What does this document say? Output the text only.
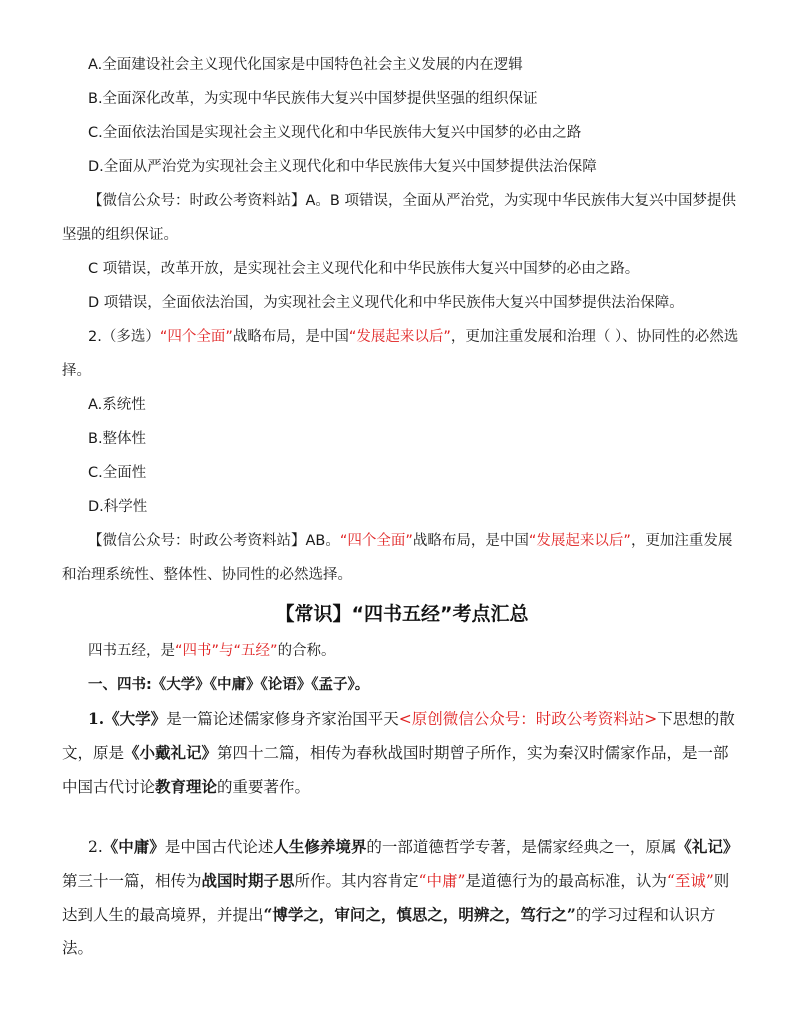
A.全面建设社会主义现代化国家是中国特色社会主义发展的内在逻辑

B.全面深化改革，为实现中华民族伟大复兴中国梦提供坚强的组织保证

C.全面依法治国是实现社会主义现代化和中华民族伟大复兴中国梦的必由之路

D.全面从严治党为实现社会主义现代化和中华民族伟大复兴中国梦提供法治保障

【微信公众号：时政公考资料站】A。B 项错误，全面从严治党，为实现中华民族伟大复兴中国梦提供坚强的组织保证。

C 项错误，改革开放，是实现社会主义现代化和中华民族伟大复兴中国梦的必由之路。

D 项错误，全面依法治国，为实现社会主义现代化和中华民族伟大复兴中国梦提供法治保障。

2.（多选）“四个全面”战略布局，是中国“发展起来以后”，更加注重发展和治理（ ）、协同性的必然选择。

A.系统性

B.整体性

C.全面性

D.科学性

【微信公众号：时政公考资料站】AB。“四个全面”战略布局，是中国“发展起来以后”，更加注重发展和治理系统性、整体性、协同性的必然选择。

【常识】“四书五经”考点汇总

四书五经，是“四书”与“五经”的合称。

一、四书:《大学》《中庸》《论语》《孟子》。

1.《大学》是一篇论述儒家修身齐家治国平天<原创微信公众号：时政公考资料站>下思想的散文，原是《小戴礼记》第四十二篇，相传为春秋战国时期曾子所作，实为秦汉时儒家作品，是一部中国古代讨论教育理论的重要著作。

2.《中庸》是中国古代论述人生修养境界的一部道德哲学专著，是儒家经典之一，原属《礼记》第三十一篇，相传为战国时期子思所作。其内容肯定“中庸”是道德行为的最高标准，认为“至诚”则达到人生的最高境界，并提出“博学之，审问之，慎思之，明辨之，笃行之”的学习过程和认识方法。
